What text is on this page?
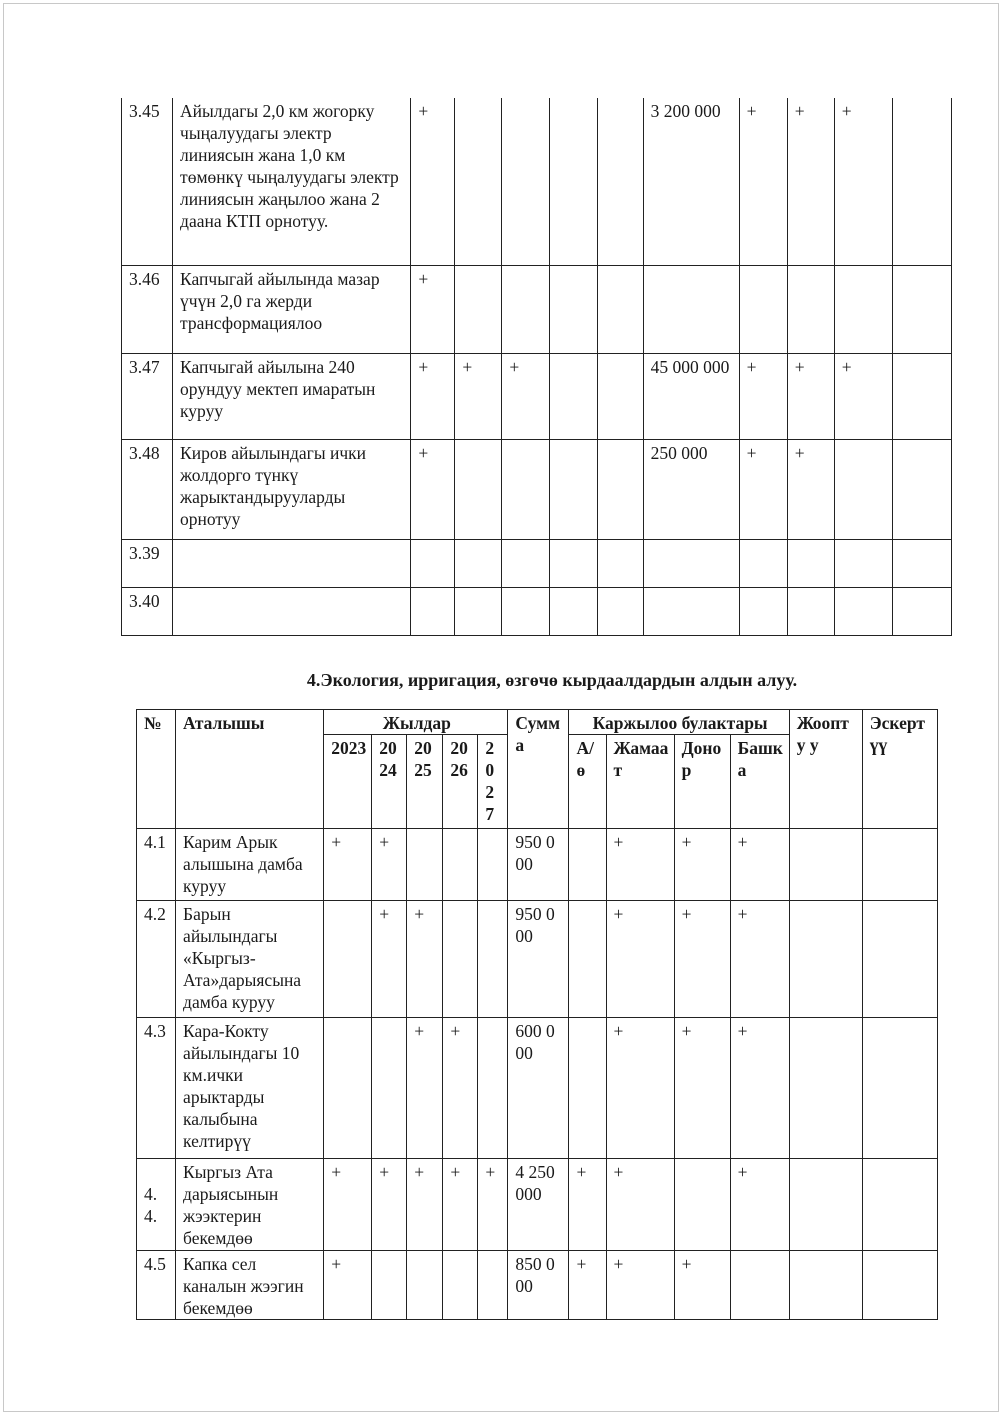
3.45	Айылдагы 2,0 км жогорку чыңалуудагы электр линиясын жана 1,0 км төмөнкү чыңалуудагы электр линиясын жаңылоо жана 2 даана КТП орнотуу.	+					3 200 000	+	+	+	
3.46	Капчыгай айылында мазар үчүн 2,0 га жерди трансформациялоо	+									
3.47	Капчыгай айылына 240 орундуу мектеп имаратын куруу	+	+	+			45 000 000	+	+	+	
3.48	Киров айылындагы ички жолдорго түнкү жарыктандырууларды орнотуу	+					250 000	+	+		
3.39											
3.40											
4.Экология, ирригация, өзгөчө кырдаалдардын алдын алуу.
№	Аталышы	Жылдар					Сумма	Каржылоо булактары				Жоопту у	Эскертүү
		2023	2024	2025	2026	2027		А/ө	Жамаат	Донор	Башка		
4.1	Карим Арык алышына дамба куруу	+	+				950 000		+	+	+		
4.2	Барын айылындагы «Кыргыз-Ата»дарыясына дамба куруу		+	+			950 000		+	+	+		
4.3	Кара-Кокту айылындагы 10 км.ички арыктарды калыбына келтирүү			+	+		600 000		+	+	+		
4.4.	Кыргыз Ата дарыясынын жээктерин бекемдөө	+	+	+	+	+	4 250 000	+	+		+		
4.5	Капка сел каналын жээгин бекемдөө	+					850 000	+	+	+			
